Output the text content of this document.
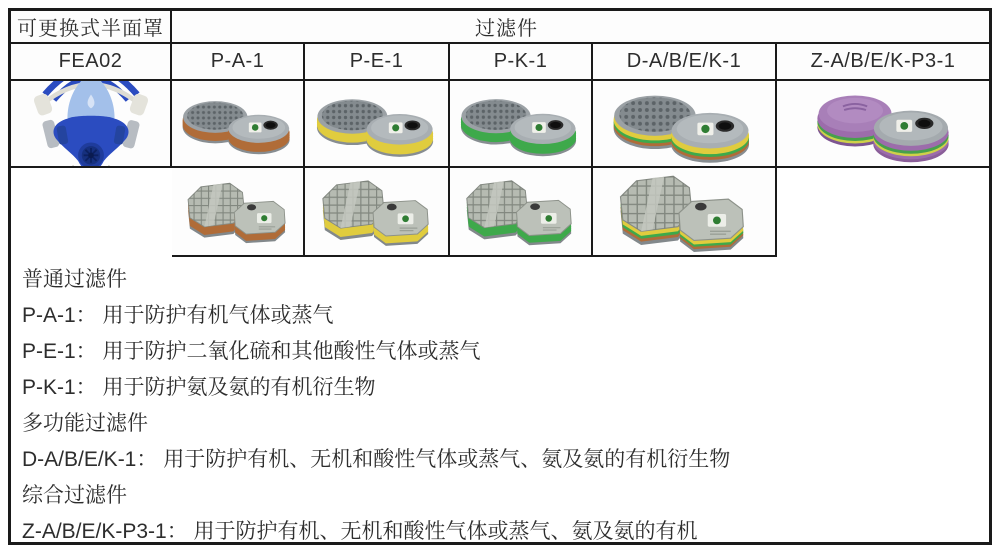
可更换式半面罩	过滤件
FEA02	P-A-1	P-E-1	P-K-1	D-A/B/E/K-1	Z-A/B/E/K-P3-1
普通过滤件
P-A-1： 用于防护有机气体或蒸气
P-E-1： 用于防护二氧化硫和其他酸性气体或蒸气
P-K-1： 用于防护氨及氨的有机衍生物
多功能过滤件
D-A/B/E/K-1： 用于防护有机、无机和酸性气体或蒸气、氨及氨的有机衍生物
综合过滤件
Z-A/B/E/K-P3-1： 用于防护有机、无机和酸性气体或蒸气、氨及氨的有机
